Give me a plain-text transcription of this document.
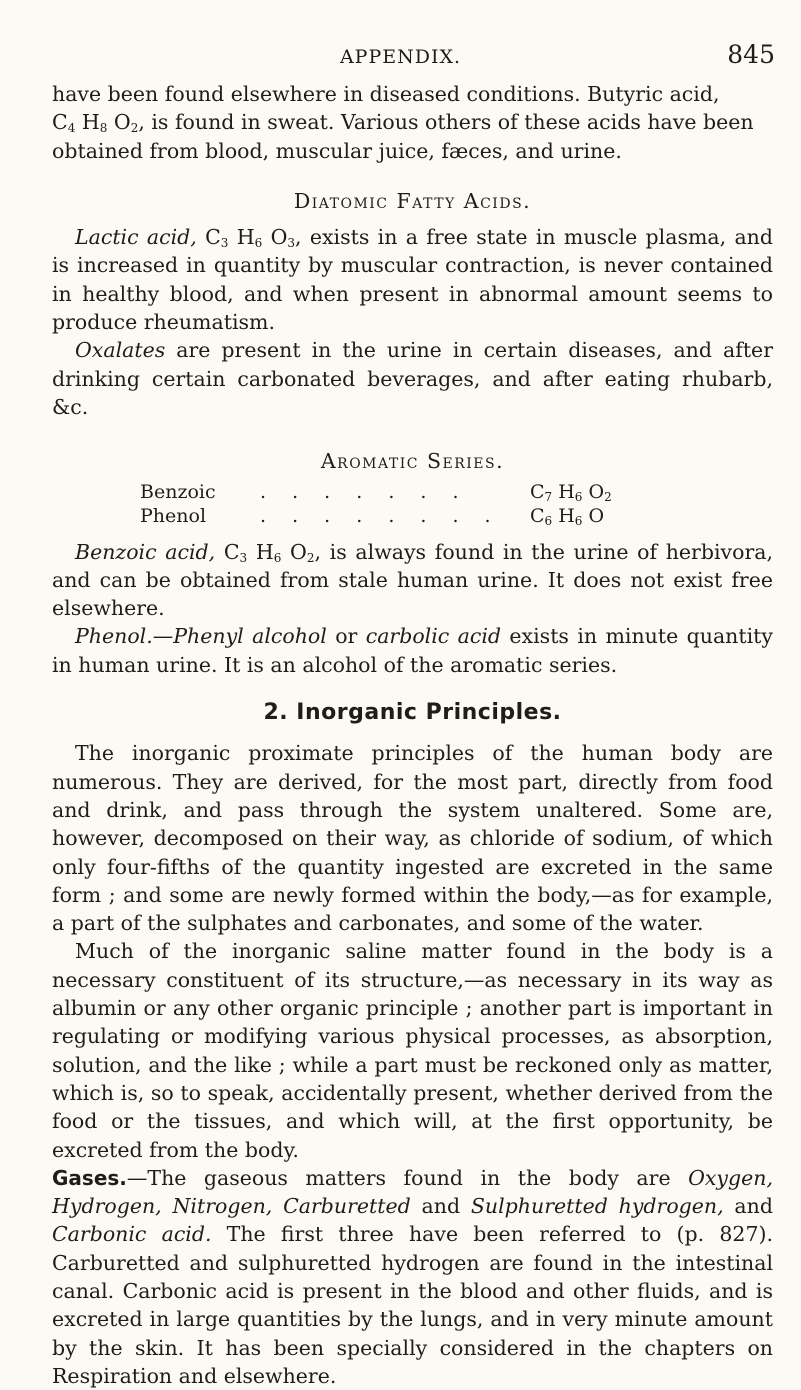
APPENDIX.	845

have been found elsewhere in diseased conditions. Butyric acid,
$C_4$ $H_8$ $O_2$, is found in sweat. Various others of these acids have been
obtained from blood, muscular juice, fæces, and urine.

Diatomic Fatty Acids.

Lactic acid, $C_3$ $H_6$ $O_3$, exists in a free state in muscle plasma, and is increased in quantity by muscular contraction, is never contained in healthy blood, and when present in abnormal amount seems to produce rheumatism.

Oxalates are present in the urine in certain diseases, and after drinking certain carbonated beverages, and after eating rhubarb, &c.

Aromatic Series.

Benzoic	. . . . . . .	$C_7$ $H_6$ $O_2$
Phenol	. . . . . . . .	$C_6$ $H_6$ O

Benzoic acid, $C_3$ $H_6$ $O_2$, is always found in the urine of herbivora, and can be obtained from stale human urine. It does not exist free elsewhere.

Phenol.—Phenyl alcohol or carbolic acid exists in minute quantity in human urine. It is an alcohol of the aromatic series.

2. Inorganic Principles.

The inorganic proximate principles of the human body are numerous. They are derived, for the most part, directly from food and drink, and pass through the system unaltered. Some are, however, decomposed on their way, as chloride of sodium, of which only four-fifths of the quantity ingested are excreted in the same form ; and some are newly formed within the body,—as for example, a part of the sulphates and carbonates, and some of the water.

Much of the inorganic saline matter found in the body is a necessary constituent of its structure,—as necessary in its way as albumin or any other organic principle ; another part is important in regulating or modifying various physical processes, as absorption, solution, and the like ; while a part must be reckoned only as matter, which is, so to speak, accidentally present, whether derived from the food or the tissues, and which will, at the first opportunity, be excreted from the body.

Gases.—The gaseous matters found in the body are Oxygen, Hydrogen, Nitrogen, Carburetted and Sulphuretted hydrogen, and Carbonic acid. The first three have been referred to (p. 827). Carburetted and sulphuretted hydrogen are found in the intestinal canal. Carbonic acid is present in the blood and other fluids, and is excreted in large quantities by the lungs, and in very minute amount by the skin. It has been specially considered in the chapters on Respiration and elsewhere.
